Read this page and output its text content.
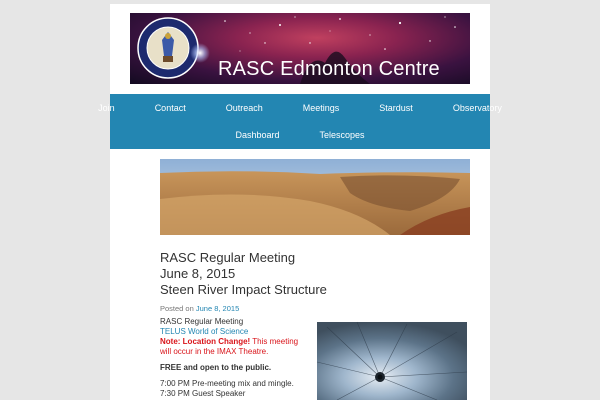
RASC Edmonton Centre
Join	Contact	Outreach	Meetings	Stardust	Observatory
Dashboard	Telescopes
RASC Regular Meeting
June 8, 2015
Steen River Impact Structure
Posted on June 8, 2015
RASC Regular Meeting
TELUS World of Science

Note: Location Change! This meeting will occur in the IMAX Theatre.

FREE and open to the public.

7:00 PM Pre-meeting mix and mingle.
7:30 PM Guest Speaker
